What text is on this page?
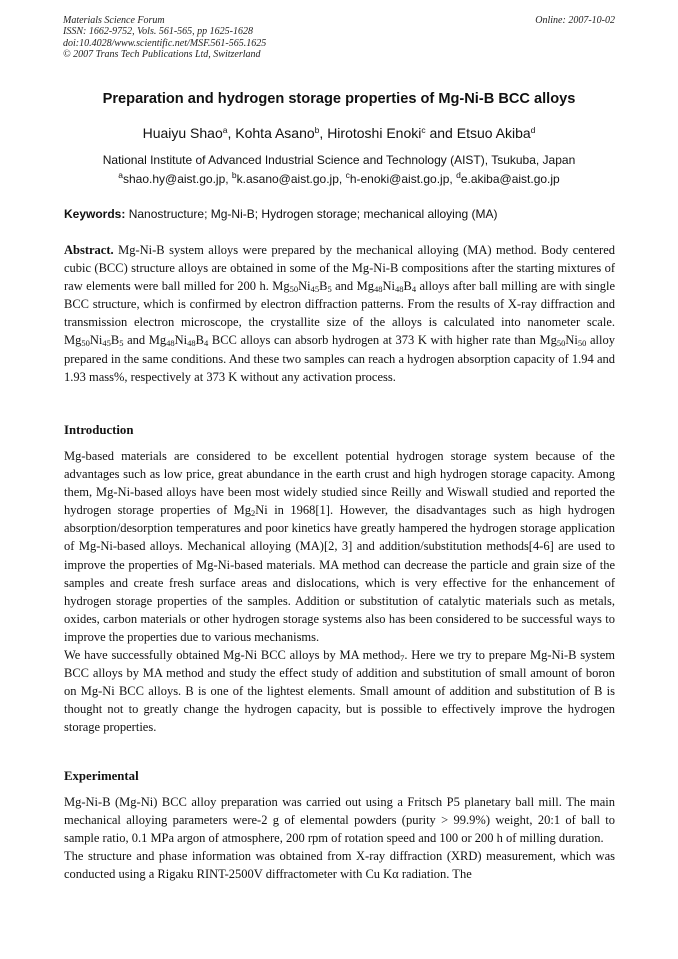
Materials Science Forum
ISSN: 1662-9752, Vols. 561-565, pp 1625-1628
doi:10.4028/www.scientific.net/MSF.561-565.1625
© 2007 Trans Tech Publications Ltd, Switzerland
Online: 2007-10-02
Preparation and hydrogen storage properties of Mg-Ni-B BCC alloys
Huaiyu Shao$^a$, Kohta Asano$^b$, Hirotoshi Enoki$^c$ and Etsuo Akiba$^d$
National Institute of Advanced Industrial Science and Technology (AIST), Tsukuba, Japan
$^a$shao.hy@aist.go.jp, $^b$k.asano@aist.go.jp, $^c$h-enoki@aist.go.jp, $^d$e.akiba@aist.go.jp
Keywords: Nanostructure; Mg-Ni-B; Hydrogen storage; mechanical alloying (MA)

Abstract. Mg-Ni-B system alloys were prepared by the mechanical alloying (MA) method. Body centered cubic (BCC) structure alloys are obtained in some of the Mg-Ni-B compositions after the starting mixtures of raw elements were ball milled for 200 h. $Mg_{50}Ni_{45}B_5$ and $Mg_{48}Ni_{48}B_4$ alloys after ball milling are with single BCC structure, which is confirmed by electron diffraction patterns. From the results of X-ray diffraction and transmission electron microscope, the crystallite size of the alloys is calculated into nanometer scale. $Mg_{50}Ni_{45}B_5$ and $Mg_{48}Ni_{48}B_4$ BCC alloys can absorb hydrogen at 373 K with higher rate than $Mg_{50}Ni_{50}$ alloy prepared in the same conditions. And these two samples can reach a hydrogen absorption capacity of 1.94 and 1.93 mass%, respectively at 373 K without any activation process.

Introduction

Mg-based materials are considered to be excellent potential hydrogen storage system because of the advantages such as low price, great abundance in the earth crust and high hydrogen storage capacity. Among them, Mg-Ni-based alloys have been most widely studied since Reilly and Wiswall studied and reported the hydrogen storage properties of $Mg_2Ni$ in 1968[1]. However, the disadvantages such as high hydrogen absorption/desorption temperatures and poor kinetics have greatly hampered the hydrogen storage application of Mg-Ni-based alloys. Mechanical alloying (MA)[2, 3] and addition/substitution methods[4-6] are used to improve the properties of Mg-Ni-based materials. MA method can decrease the particle and grain size of the samples and create fresh surface areas and dislocations, which is very effective for the enhancement of hydrogen storage properties of the samples. Addition or substitution of catalytic materials such as metals, oxides, carbon materials or other hydrogen storage systems also has been considered to be successful ways to improve the properties due to various mechanisms.

We have successfully obtained Mg-Ni BCC alloys by MA method$_7$. Here we try to prepare Mg-Ni-B system BCC alloys by MA method and study the effect study of addition and substitution of small amount of boron on Mg-Ni BCC alloys. B is one of the lightest elements. Small amount of addition and substitution of B is thought not to greatly change the hydrogen capacity, but is possible to effectively improve the hydrogen storage properties.

Experimental

Mg-Ni-B (Mg-Ni) BCC alloy preparation was carried out using a Fritsch P5 planetary ball mill. The main mechanical alloying parameters were-2 g of elemental powders (purity > 99.9%) weight, 20:1 of ball to sample ratio, 0.1 MPa argon of atmosphere, 200 rpm of rotation speed and 100 or 200 h of milling duration.

The structure and phase information was obtained from X-ray diffraction (XRD) measurement, which was conducted using a Rigaku RINT-2500V diffractometer with Cu Kα radiation. The
